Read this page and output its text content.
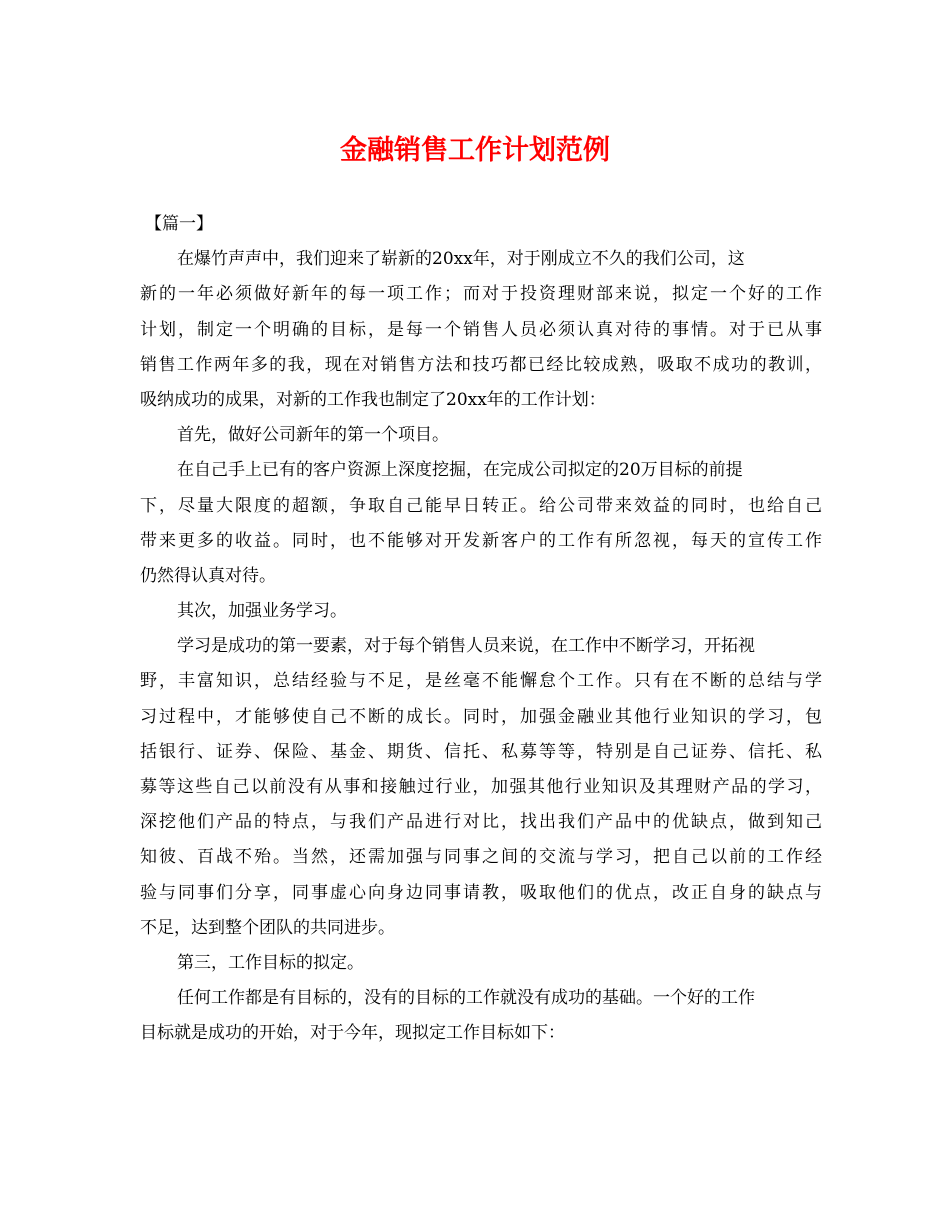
金融销售工作计划范例
【篇一】
在爆竹声声中，我们迎来了崭新的20xx年，对于刚成立不久的我们公司，这
新的一年必须做好新年的每一项工作；而对于投资理财部来说，拟定一个好的工作
计划，制定一个明确的目标，是每一个销售人员必须认真对待的事情。对于已从事
销售工作两年多的我，现在对销售方法和技巧都已经比较成熟，吸取不成功的教训，
吸纳成功的成果，对新的工作我也制定了20xx年的工作计划：
首先，做好公司新年的第一个项目。
在自己手上已有的客户资源上深度挖掘，在完成公司拟定的20万目标的前提
下，尽量大限度的超额，争取自己能早日转正。给公司带来效益的同时，也给自己
带来更多的收益。同时，也不能够对开发新客户的工作有所忽视，每天的宣传工作
仍然得认真对待。
其次，加强业务学习。
学习是成功的第一要素，对于每个销售人员来说，在工作中不断学习，开拓视
野，丰富知识，总结经验与不足，是丝毫不能懈怠个工作。只有在不断的总结与学
习过程中，才能够使自己不断的成长。同时，加强金融业其他行业知识的学习，包
括银行、证券、保险、基金、期货、信托、私募等等，特别是自己证券、信托、私
募等这些自己以前没有从事和接触过行业，加强其他行业知识及其理财产品的学习，
深挖他们产品的特点，与我们产品进行对比，找出我们产品中的优缺点，做到知己
知彼、百战不殆。当然，还需加强与同事之间的交流与学习，把自己以前的工作经
验与同事们分享，同事虚心向身边同事请教，吸取他们的优点，改正自身的缺点与
不足，达到整个团队的共同进步。
第三，工作目标的拟定。
任何工作都是有目标的，没有的目标的工作就没有成功的基础。一个好的工作
目标就是成功的开始，对于今年，现拟定工作目标如下：
